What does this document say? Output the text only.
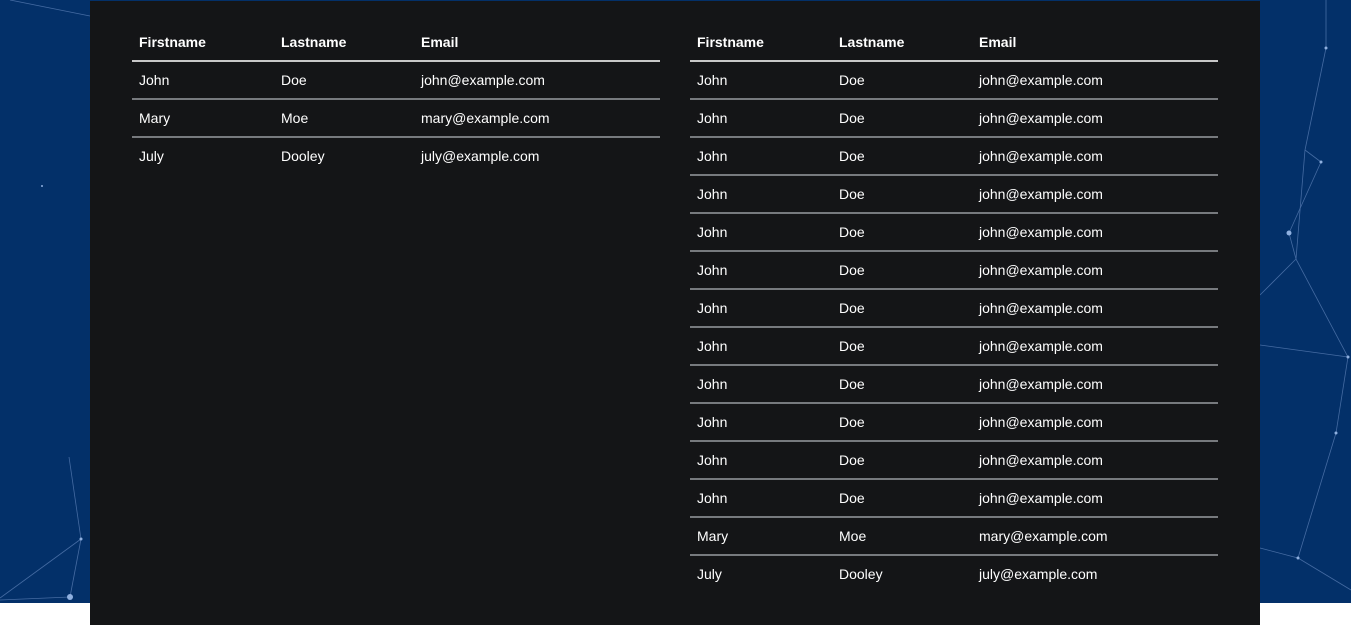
Firstname	Lastname	Email
John	Doe	john@example.com
Mary	Moe	mary@example.com
July	Dooley	july@example.com
Firstname	Lastname	Email
John	Doe	john@example.com
John	Doe	john@example.com
John	Doe	john@example.com
John	Doe	john@example.com
John	Doe	john@example.com
John	Doe	john@example.com
John	Doe	john@example.com
John	Doe	john@example.com
John	Doe	john@example.com
John	Doe	john@example.com
John	Doe	john@example.com
John	Doe	john@example.com
Mary	Moe	mary@example.com
July	Dooley	july@example.com
